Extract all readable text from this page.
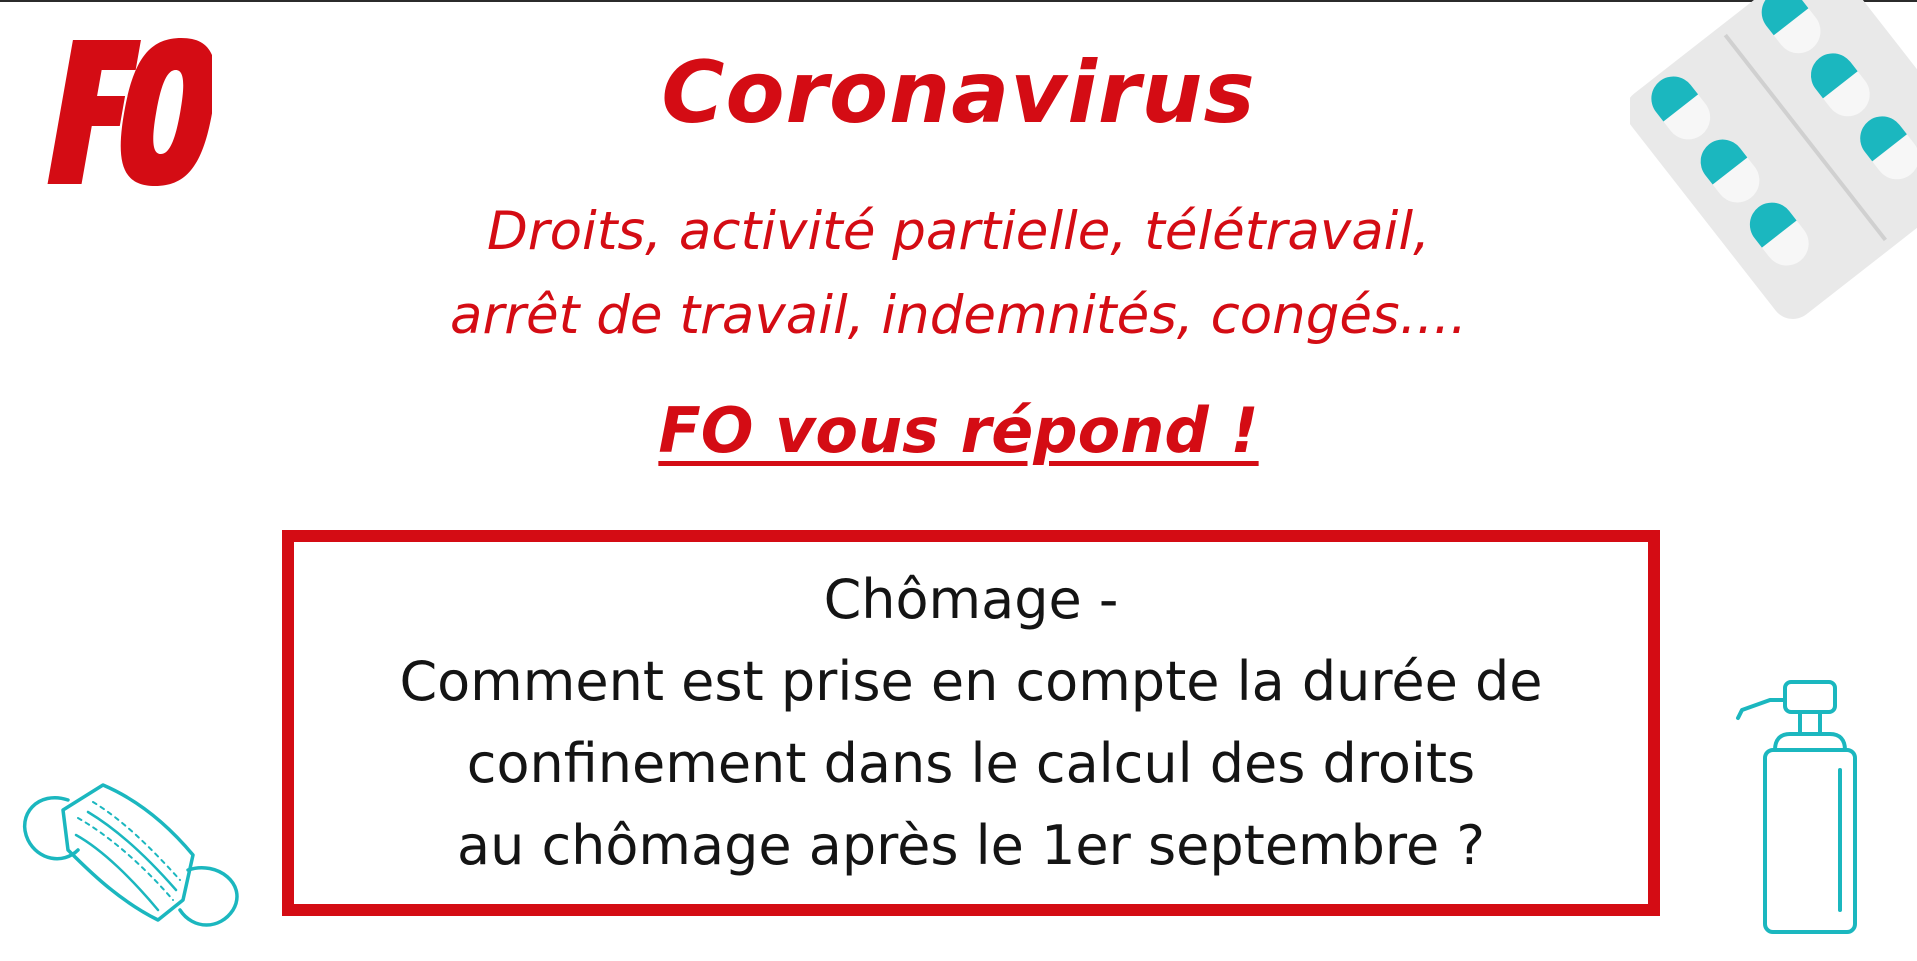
Coronavirus
Droits, activité partielle, télétravail,
arrêt de travail, indemnités, congés....
FO vous répond !
Chômage -
Comment est prise en compte la durée de
confinement dans le calcul des droits
au chômage après le 1er septembre ?
